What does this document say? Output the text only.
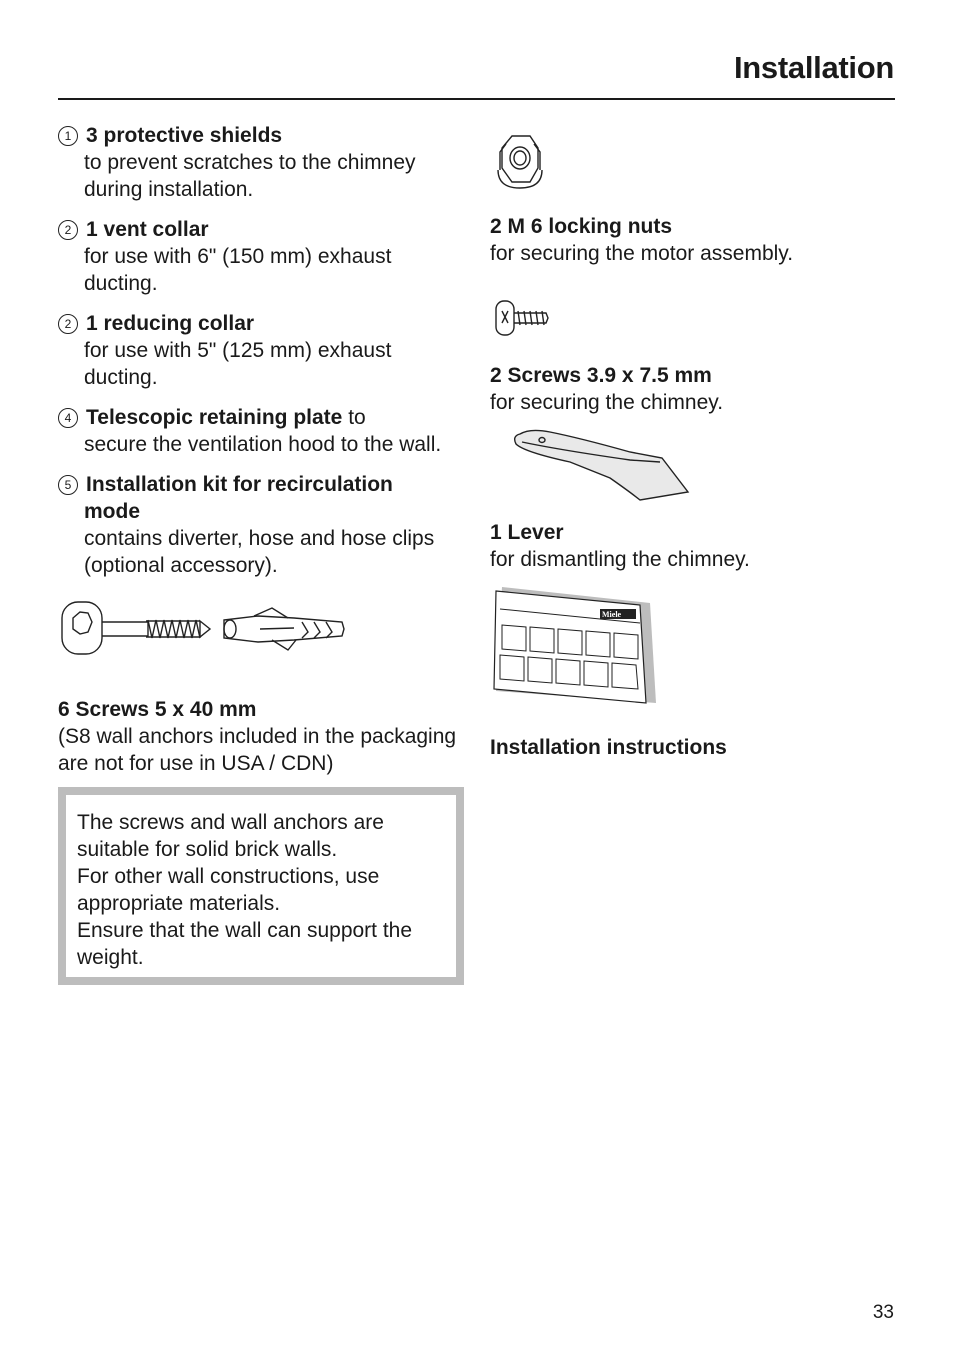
Installation
1 3 protective shields
to prevent scratches to the chimney during installation.
2 1 vent collar
for use with 6" (150 mm) exhaust ducting.
2 1 reducing collar
for use with 5" (125 mm) exhaust ducting.
4 Telescopic retaining plate to
secure the ventilation hood to the wall.
5 Installation kit for recirculation
mode
contains diverter, hose and hose clips (optional accessory).
6 Screws 5 x 40 mm
(S8 wall anchors included in the packaging are not for use in USA / CDN)

The screws and wall anchors are suitable for solid brick walls.

For other wall constructions, use appropriate materials.

Ensure that the wall can support the weight.

2 M 6 locking nuts
for securing the motor assembly.
2 Screws 3.9 x 7.5 mm
for securing the chimney.
1 Lever
for dismantling the chimney.
Miele
Installation instructions
33
